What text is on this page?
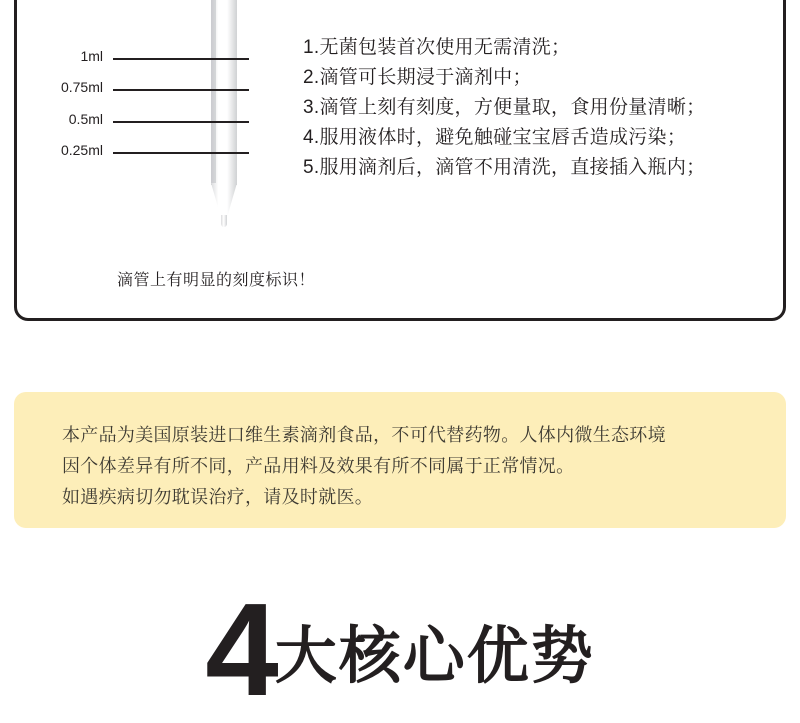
1ml
0.75ml
0.5ml
0.25ml
滴管上有明显的刻度标识！
1.无菌包装首次使用无需清洗；
2.滴管可长期浸于滴剂中；
3.滴管上刻有刻度，方便量取，食用份量清晰；
4.服用液体时，避免触碰宝宝唇舌造成污染；
5.服用滴剂后，滴管不用清洗，直接插入瓶内；
本产品为美国原装进口维生素滴剂食品，不可代替药物。人体内微生态环境
因个体差异有所不同，产品用料及效果有所不同属于正常情况。
如遇疾病切勿耽误治疗，请及时就医。
4大核心优势
